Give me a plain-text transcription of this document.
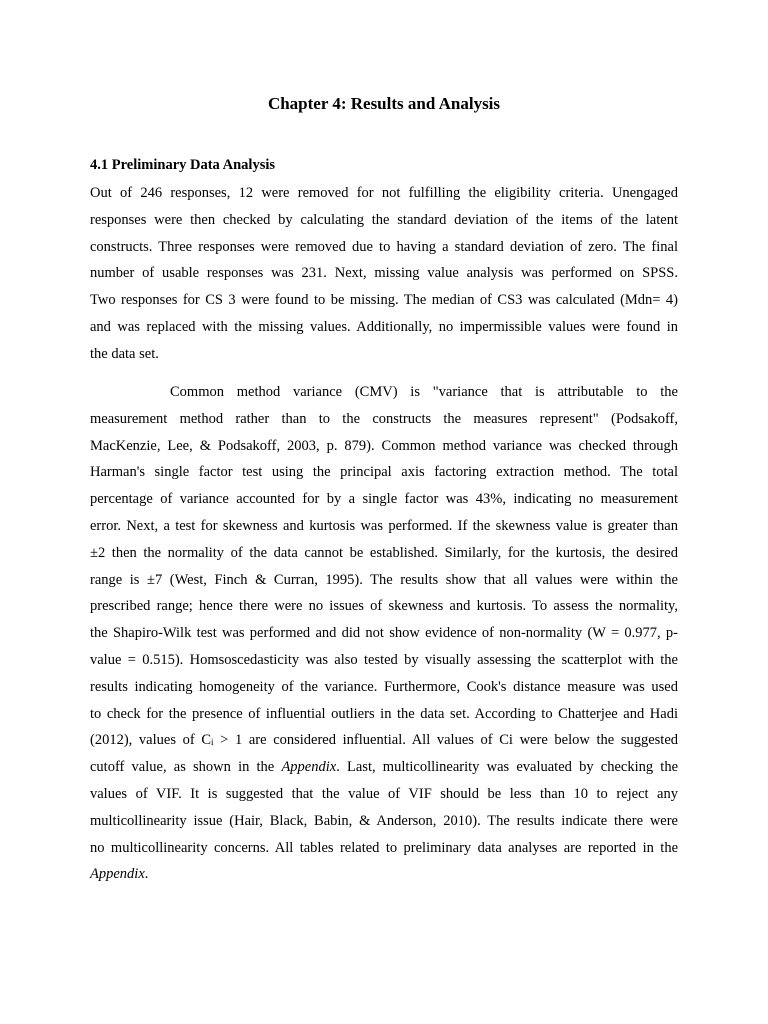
Chapter 4: Results and Analysis
4.1 Preliminary Data Analysis
Out of 246 responses, 12 were removed for not fulfilling the eligibility criteria. Unengaged
responses were then checked by calculating the standard deviation of the items of the latent
constructs. Three responses were removed due to having a standard deviation of zero. The final
number of usable responses was 231. Next, missing value analysis was performed on SPSS.
Two responses for CS 3 were found to be missing. The median of CS3 was calculated (Mdn= 4)
and was replaced with the missing values. Additionally, no impermissible values were found in
the data set.
Common method variance (CMV) is "variance that is attributable to the
measurement method rather than to the constructs the measures represent" (Podsakoff,
MacKenzie, Lee, & Podsakoff, 2003, p. 879). Common method variance was checked through
Harman's single factor test using the principal axis factoring extraction method. The total
percentage of variance accounted for by a single factor was 43%, indicating no measurement
error. Next, a test for skewness and kurtosis was performed. If the skewness value is greater than
±2 then the normality of the data cannot be established. Similarly, for the kurtosis, the desired
range is ±7 (West, Finch & Curran, 1995). The results show that all values were within the
prescribed range; hence there were no issues of skewness and kurtosis. To assess the normality,
the Shapiro-Wilk test was performed and did not show evidence of non-normality (W = 0.977, p-
value = 0.515). Homsoscedasticity was also tested by visually assessing the scatterplot with the
results indicating homogeneity of the variance. Furthermore, Cook's distance measure was used
to check for the presence of influential outliers in the data set. According to Chatterjee and Hadi
(2012), values of $C_i > 1$ are considered influential. All values of Ci were below the suggested
cutoff value, as shown in the Appendix. Last, multicollinearity was evaluated by checking the
values of VIF. It is suggested that the value of VIF should be less than 10 to reject any
multicollinearity issue (Hair, Black, Babin, & Anderson, 2010). The results indicate there were
no multicollinearity concerns. All tables related to preliminary data analyses are reported in the
Appendix.
